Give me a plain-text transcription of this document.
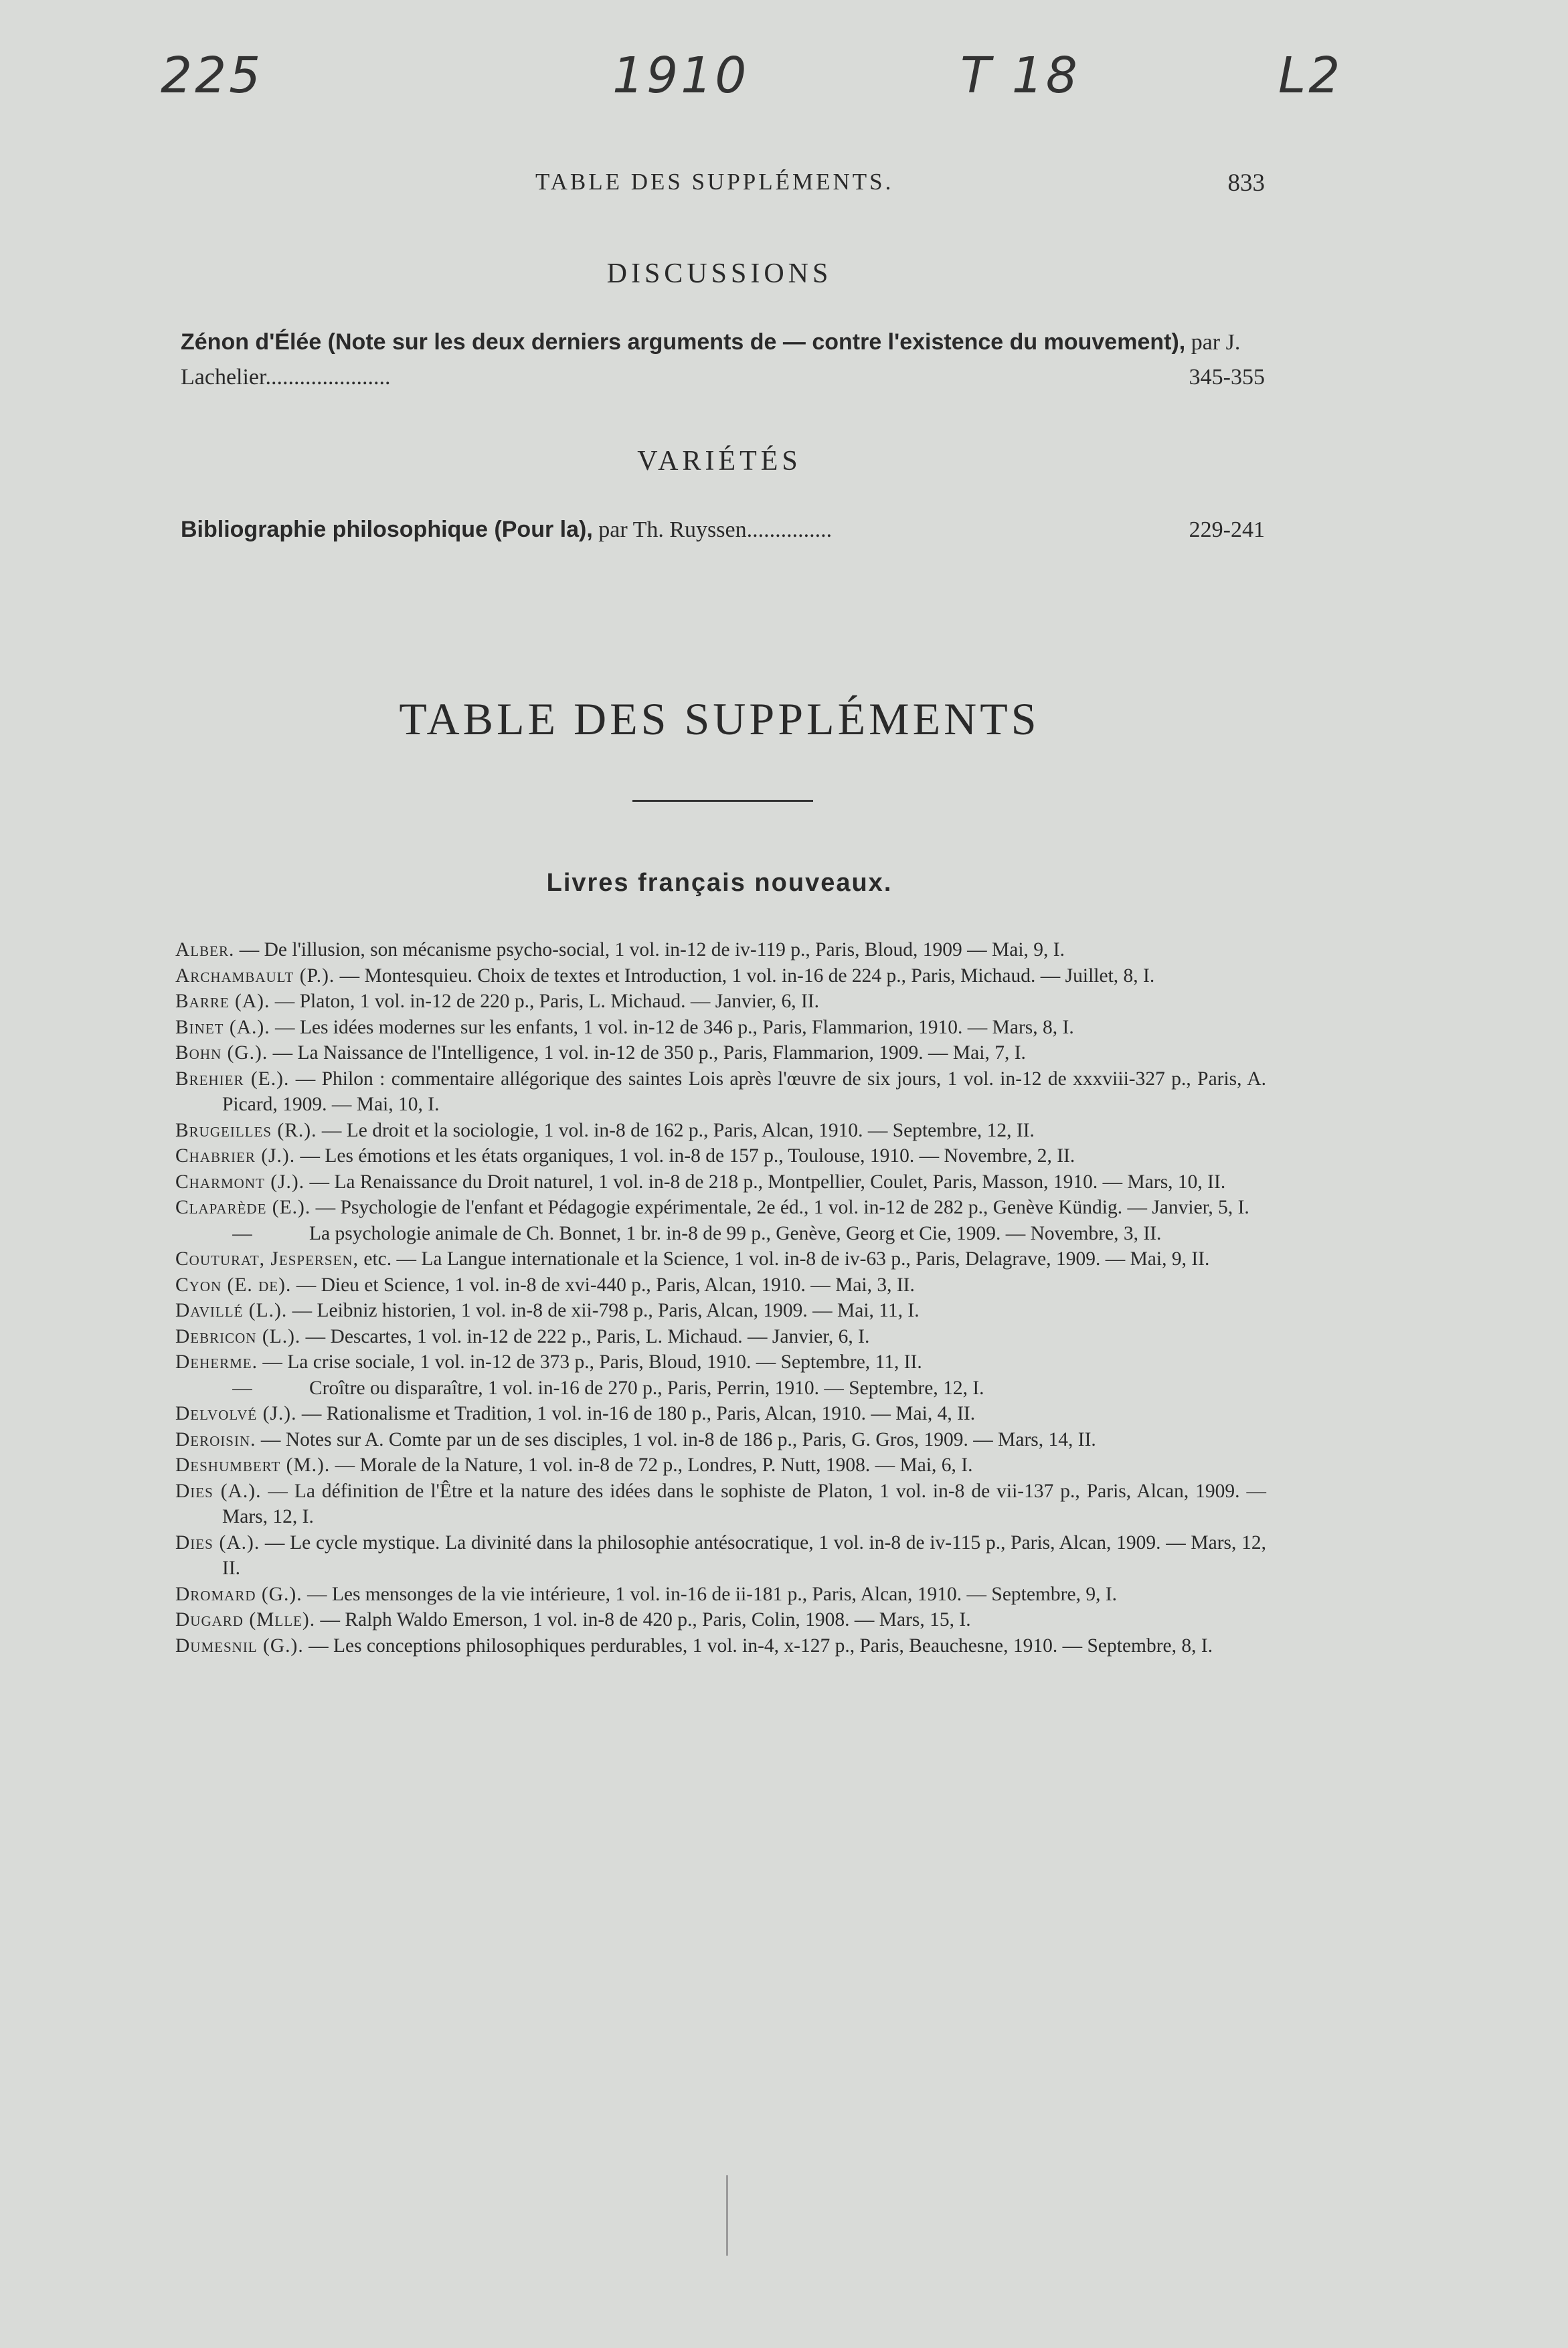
225	1910	T 18	L2
TABLE DES SUPPLÉMENTS.	833
DISCUSSIONS
Zénon d'Élée (Note sur les deux derniers arguments de — contre l'existence du mouvement), par J. Lachelier......................	345-355
VARIÉTÉS
Bibliographie philosophique (Pour la), par Th. Ruyssen...............	229-241
TABLE DES SUPPLÉMENTS
Livres français nouveaux.
Alber. — De l'illusion, son mécanisme psycho-social, 1 vol. in-12 de iv-119 p., Paris, Bloud, 1909 — Mai, 9, I.
Archambault (P.). — Montesquieu. Choix de textes et Introduction, 1 vol. in-16 de 224 p., Paris, Michaud. — Juillet, 8, I.
Barre (A). — Platon, 1 vol. in-12 de 220 p., Paris, L. Michaud. — Janvier, 6, II.
Binet (A.). — Les idées modernes sur les enfants, 1 vol. in-12 de 346 p., Paris, Flammarion, 1910. — Mars, 8, I.
Bohn (G.). — La Naissance de l'Intelligence, 1 vol. in-12 de 350 p., Paris, Flammarion, 1909. — Mai, 7, I.
Brehier (E.). — Philon : commentaire allégorique des saintes Lois après l'œuvre de six jours, 1 vol. in-12 de xxxviii-327 p., Paris, A. Picard, 1909. — Mai, 10, I.
Brugeilles (R.). — Le droit et la sociologie, 1 vol. in-8 de 162 p., Paris, Alcan, 1910. — Septembre, 12, II.
Chabrier (J.). — Les émotions et les états organiques, 1 vol. in-8 de 157 p., Toulouse, 1910. — Novembre, 2, II.
Charmont (J.). — La Renaissance du Droit naturel, 1 vol. in-8 de 218 p., Montpellier, Coulet, Paris, Masson, 1910. — Mars, 10, II.
Claparède (E.). — Psychologie de l'enfant et Pédagogie expérimentale, 2e éd., 1 vol. in-12 de 282 p., Genève Kündig. — Janvier, 5, I.
—	La psychologie animale de Ch. Bonnet, 1 br. in-8 de 99 p., Genève, Georg et Cie, 1909. — Novembre, 3, II.
Couturat, Jespersen, etc. — La Langue internationale et la Science, 1 vol. in-8 de iv-63 p., Paris, Delagrave, 1909. — Mai, 9, II.
Cyon (E. de). — Dieu et Science, 1 vol. in-8 de xvi-440 p., Paris, Alcan, 1910. — Mai, 3, II.
Davillé (L.). — Leibniz historien, 1 vol. in-8 de xii-798 p., Paris, Alcan, 1909. — Mai, 11, I.
Debricon (L.). — Descartes, 1 vol. in-12 de 222 p., Paris, L. Michaud. — Janvier, 6, I.
Deherme. — La crise sociale, 1 vol. in-12 de 373 p., Paris, Bloud, 1910. — Septembre, 11, II.
—	Croître ou disparaître, 1 vol. in-16 de 270 p., Paris, Perrin, 1910. — Septembre, 12, I.
Delvolvé (J.). — Rationalisme et Tradition, 1 vol. in-16 de 180 p., Paris, Alcan, 1910. — Mai, 4, II.
Deroisin. — Notes sur A. Comte par un de ses disciples, 1 vol. in-8 de 186 p., Paris, G. Gros, 1909. — Mars, 14, II.
Deshumbert (M.). — Morale de la Nature, 1 vol. in-8 de 72 p., Londres, P. Nutt, 1908. — Mai, 6, I.
Dies (A.). — La définition de l'Être et la nature des idées dans le sophiste de Platon, 1 vol. in-8 de vii-137 p., Paris, Alcan, 1909. — Mars, 12, I.
Dies (A.). — Le cycle mystique. La divinité dans la philosophie antésocratique, 1 vol. in-8 de iv-115 p., Paris, Alcan, 1909. — Mars, 12, II.
Dromard (G.). — Les mensonges de la vie intérieure, 1 vol. in-16 de ii-181 p., Paris, Alcan, 1910. — Septembre, 9, I.
Dugard (Mlle). — Ralph Waldo Emerson, 1 vol. in-8 de 420 p., Paris, Colin, 1908. — Mars, 15, I.
Dumesnil (G.). — Les conceptions philosophiques perdurables, 1 vol. in-4, x-127 p., Paris, Beauchesne, 1910. — Septembre, 8, I.
